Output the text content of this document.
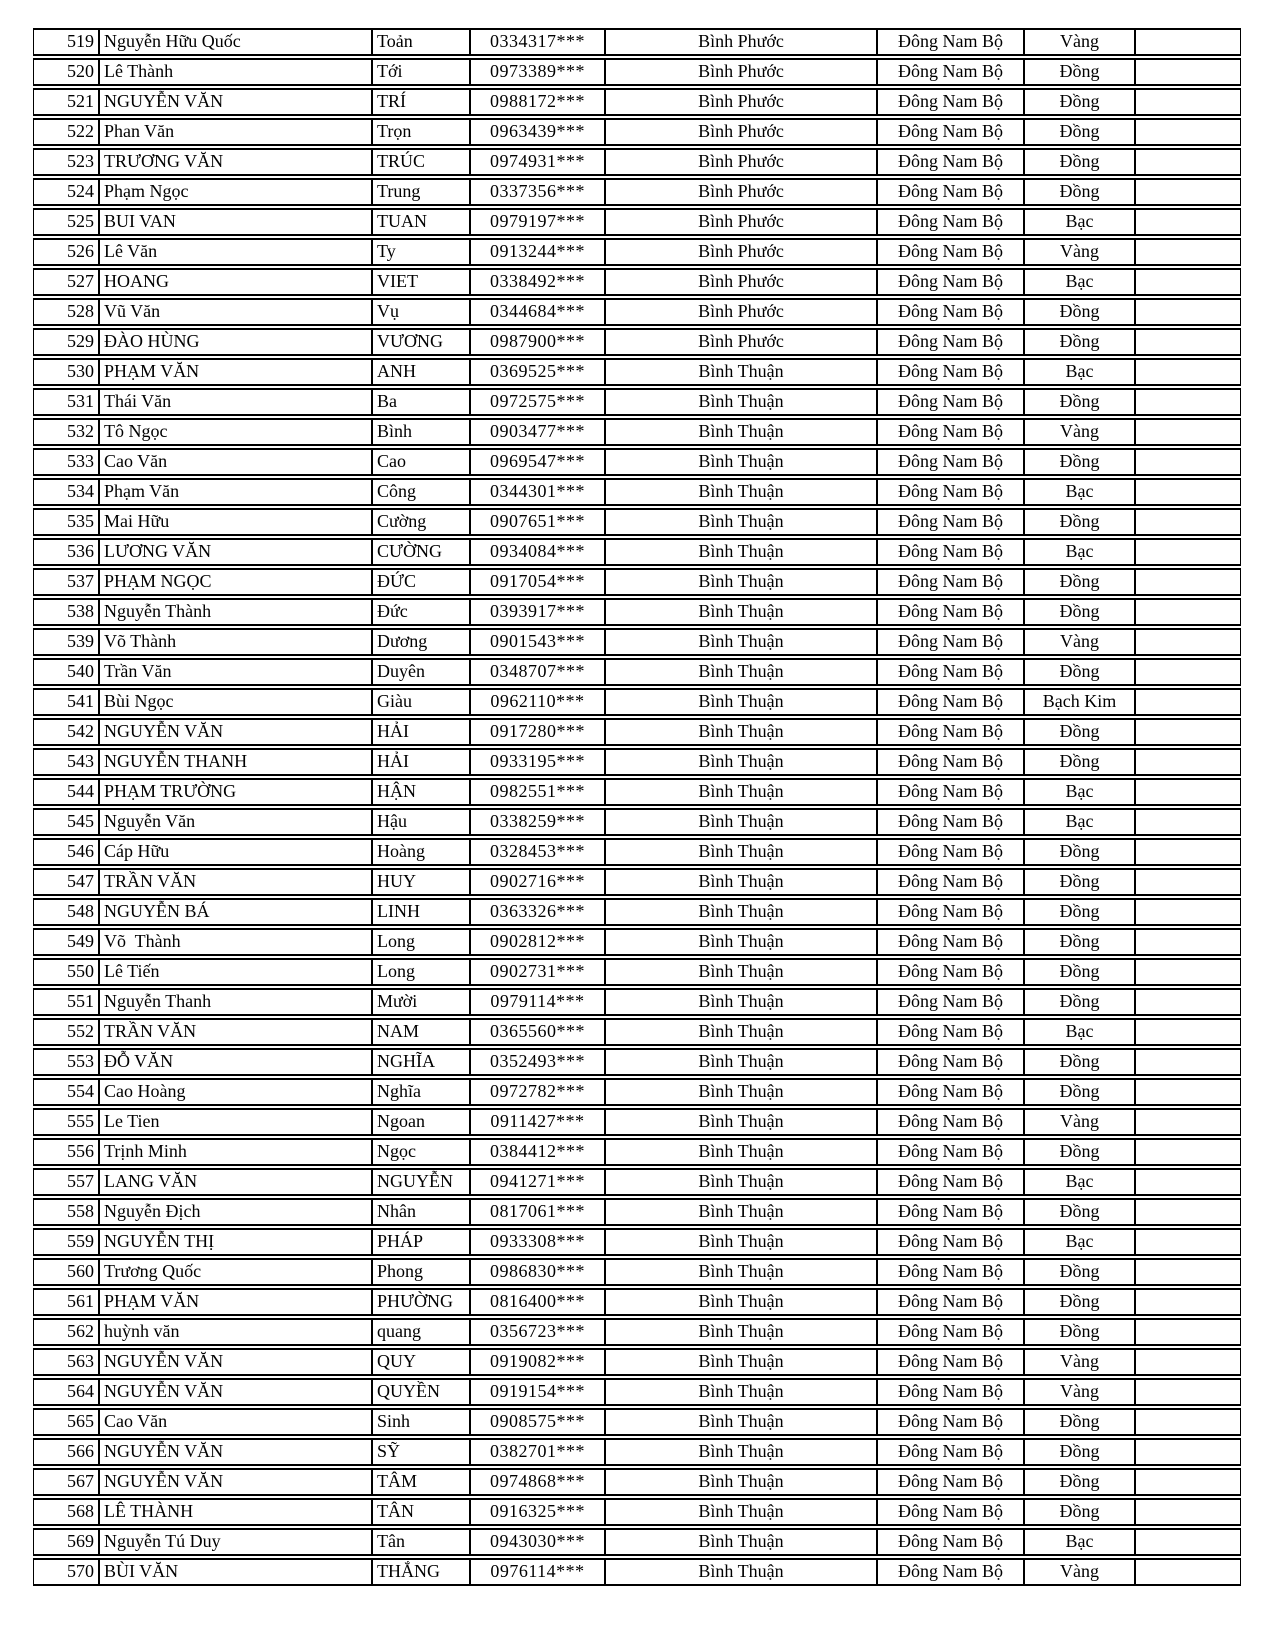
519	Nguyễn Hữu Quốc	Toản	0334317***	Bình Phước	Đông Nam Bộ	Vàng	
520	Lê Thành	Tới	0973389***	Bình Phước	Đông Nam Bộ	Đồng	
521	NGUYỄN VĂN	TRÍ	0988172***	Bình Phước	Đông Nam Bộ	Đồng	
522	Phan Văn	Trọn	0963439***	Bình Phước	Đông Nam Bộ	Đồng	
523	TRƯƠNG VĂN	TRÚC	0974931***	Bình Phước	Đông Nam Bộ	Đồng	
524	Phạm Ngọc	Trung	0337356***	Bình Phước	Đông Nam Bộ	Đồng	
525	BUI VAN	TUAN	0979197***	Bình Phước	Đông Nam Bộ	Bạc	
526	Lê Văn	Ty	0913244***	Bình Phước	Đông Nam Bộ	Vàng	
527	HOANG	VIET	0338492***	Bình Phước	Đông Nam Bộ	Bạc	
528	Vũ Văn	Vụ	0344684***	Bình Phước	Đông Nam Bộ	Đồng	
529	ĐÀO HÙNG	VƯƠNG	0987900***	Bình Phước	Đông Nam Bộ	Đồng	
530	PHẠM VĂN	ANH	0369525***	Bình Thuận	Đông Nam Bộ	Bạc	
531	Thái Văn	Ba	0972575***	Bình Thuận	Đông Nam Bộ	Đồng	
532	Tô Ngọc	Bình	0903477***	Bình Thuận	Đông Nam Bộ	Vàng	
533	Cao Văn	Cao	0969547***	Bình Thuận	Đông Nam Bộ	Đồng	
534	Phạm Văn	Công	0344301***	Bình Thuận	Đông Nam Bộ	Bạc	
535	Mai Hữu	Cường	0907651***	Bình Thuận	Đông Nam Bộ	Đồng	
536	LƯƠNG VĂN	CƯỜNG	0934084***	Bình Thuận	Đông Nam Bộ	Bạc	
537	PHẠM NGỌC	ĐỨC	0917054***	Bình Thuận	Đông Nam Bộ	Đồng	
538	Nguyễn Thành	Đức	0393917***	Bình Thuận	Đông Nam Bộ	Đồng	
539	Võ Thành	Dương	0901543***	Bình Thuận	Đông Nam Bộ	Vàng	
540	Trần Văn	Duyên	0348707***	Bình Thuận	Đông Nam Bộ	Đồng	
541	Bùi Ngọc	Giàu	0962110***	Bình Thuận	Đông Nam Bộ	Bạch Kim	
542	NGUYỄN VĂN	HẢI	0917280***	Bình Thuận	Đông Nam Bộ	Đồng	
543	NGUYỄN THANH	HẢI	0933195***	Bình Thuận	Đông Nam Bộ	Đồng	
544	PHẠM TRƯỜNG	HẬN	0982551***	Bình Thuận	Đông Nam Bộ	Bạc	
545	Nguyễn Văn	Hậu	0338259***	Bình Thuận	Đông Nam Bộ	Bạc	
546	Cáp Hữu	Hoàng	0328453***	Bình Thuận	Đông Nam Bộ	Đồng	
547	TRẦN VĂN	HUY	0902716***	Bình Thuận	Đông Nam Bộ	Đồng	
548	NGUYỄN BÁ	LINH	0363326***	Bình Thuận	Đông Nam Bộ	Đồng	
549	Võ  Thành	Long	0902812***	Bình Thuận	Đông Nam Bộ	Đồng	
550	Lê Tiến	Long	0902731***	Bình Thuận	Đông Nam Bộ	Đồng	
551	Nguyễn Thanh	Mười	0979114***	Bình Thuận	Đông Nam Bộ	Đồng	
552	TRẦN VĂN	NAM	0365560***	Bình Thuận	Đông Nam Bộ	Bạc	
553	ĐỖ VĂN	NGHĨA	0352493***	Bình Thuận	Đông Nam Bộ	Đồng	
554	Cao Hoàng	Nghĩa	0972782***	Bình Thuận	Đông Nam Bộ	Đồng	
555	Le Tien	Ngoan	0911427***	Bình Thuận	Đông Nam Bộ	Vàng	
556	Trịnh Minh	Ngọc	0384412***	Bình Thuận	Đông Nam Bộ	Đồng	
557	LANG VĂN	NGUYỄN	0941271***	Bình Thuận	Đông Nam Bộ	Bạc	
558	Nguyễn Địch	Nhân	0817061***	Bình Thuận	Đông Nam Bộ	Đồng	
559	NGUYỄN THỊ	PHÁP	0933308***	Bình Thuận	Đông Nam Bộ	Bạc	
560	Trương Quốc	Phong	0986830***	Bình Thuận	Đông Nam Bộ	Đồng	
561	PHẠM VĂN	PHƯỜNG	0816400***	Bình Thuận	Đông Nam Bộ	Đồng	
562	huỳnh văn	quang	0356723***	Bình Thuận	Đông Nam Bộ	Đồng	
563	NGUYỄN VĂN	QUY	0919082***	Bình Thuận	Đông Nam Bộ	Vàng	
564	NGUYỄN VĂN	QUYỀN	0919154***	Bình Thuận	Đông Nam Bộ	Vàng	
565	Cao Văn	Sinh	0908575***	Bình Thuận	Đông Nam Bộ	Đồng	
566	NGUYỄN VĂN	SỸ	0382701***	Bình Thuận	Đông Nam Bộ	Đồng	
567	NGUYỄN VĂN	TÂM	0974868***	Bình Thuận	Đông Nam Bộ	Đồng	
568	LÊ THÀNH	TÂN	0916325***	Bình Thuận	Đông Nam Bộ	Đồng	
569	Nguyễn Tú Duy	Tân	0943030***	Bình Thuận	Đông Nam Bộ	Bạc	
570	BÙI VĂN	THẮNG	0976114***	Bình Thuận	Đông Nam Bộ	Vàng	
